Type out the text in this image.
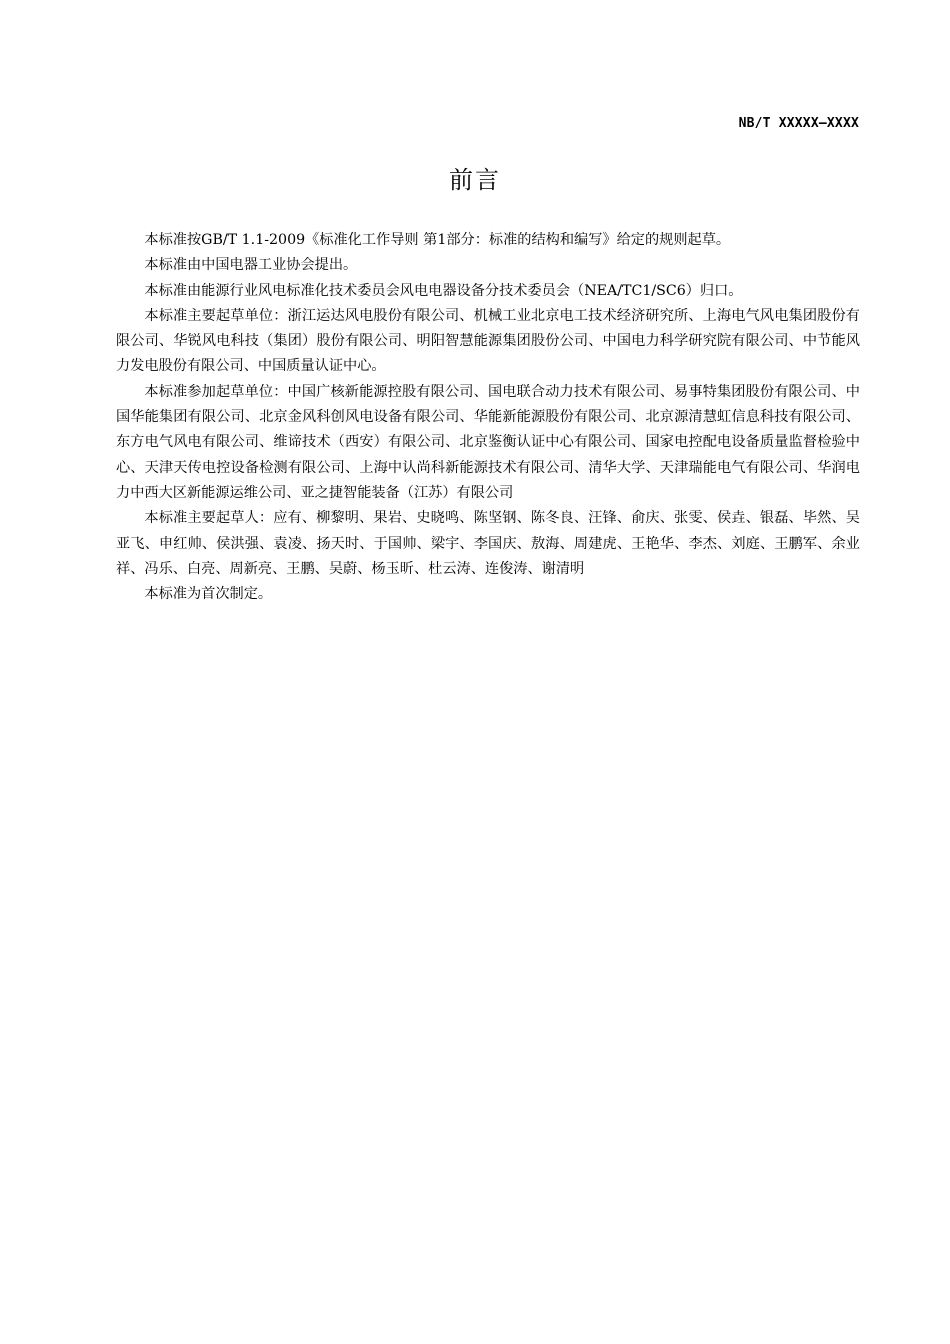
NB/T XXXXX—XXXX
前言

本标准按GB/T 1.1-2009《标准化工作导则 第1部分：标准的结构和编写》给定的规则起草。

本标准由中国电器工业协会提出。

本标准由能源行业风电标准化技术委员会风电电器设备分技术委员会（NEA/TC1/SC6）归口。

本标准主要起草单位：浙江运达风电股份有限公司、机械工业北京电工技术经济研究所、上海电气风电集团股份有限公司、华锐风电科技（集团）股份有限公司、明阳智慧能源集团股份公司、中国电力科学研究院有限公司、中节能风力发电股份有限公司、中国质量认证中心。

本标准参加起草单位：中国广核新能源控股有限公司、国电联合动力技术有限公司、易事特集团股份有限公司、中国华能集团有限公司、北京金风科创风电设备有限公司、华能新能源股份有限公司、北京源清慧虹信息科技有限公司、东方电气风电有限公司、维谛技术（西安）有限公司、北京鉴衡认证中心有限公司、国家电控配电设备质量监督检验中心、天津天传电控设备检测有限公司、上海中认尚科新能源技术有限公司、清华大学、天津瑞能电气有限公司、华润电力中西大区新能源运维公司、亚之捷智能装备（江苏）有限公司

本标准主要起草人：应有、柳黎明、果岩、史晓鸣、陈坚钢、陈冬良、汪锋、俞庆、张雯、侯垚、银磊、毕然、吴亚飞、申红帅、侯洪强、袁凌、扬天时、于国帅、梁宇、李国庆、敖海、周建虎、王艳华、李杰、刘庭、王鹏军、余业祥、冯乐、白亮、周新亮、王鹏、吴蔚、杨玉昕、杜云涛、连俊涛、谢清明

本标准为首次制定。
